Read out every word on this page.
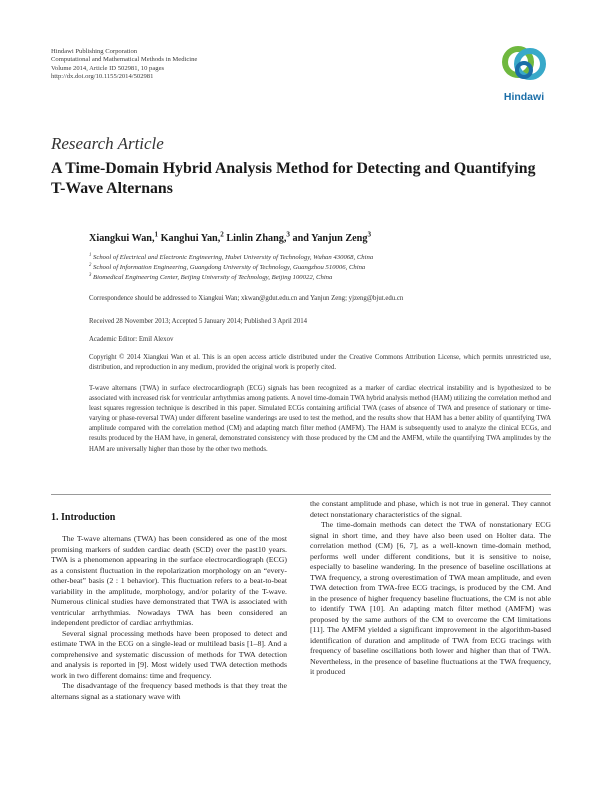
Hindawi Publishing Corporation
Computational and Mathematical Methods in Medicine
Volume 2014, Article ID 502981, 10 pages
http://dx.doi.org/10.1155/2014/502981
Hindawi
Research Article
A Time-Domain Hybrid Analysis Method for Detecting and Quantifying T-Wave Alternans
Xiangkui Wan,$^1$ Kanghui Yan,$^2$ Linlin Zhang,$^3$ and Yanjun Zeng$^3$
$^1$ School of Electrical and Electronic Engineering, Hubei University of Technology, Wuhan 430068, China
$^2$ School of Information Engineering, Guangdong University of Technology, Guangzhou 510006, China
$^3$ Biomedical Engineering Center, Beijing University of Technology, Beijing 100022, China
Correspondence should be addressed to Xiangkui Wan; xkwan@gdut.edu.cn and Yanjun Zeng; yjzeng@bjut.edu.cn
Received 28 November 2013; Accepted 5 January 2014; Published 3 April 2014
Academic Editor: Emil Alexov
Copyright © 2014 Xiangkui Wan et al. This is an open access article distributed under the Creative Commons Attribution License, which permits unrestricted use, distribution, and reproduction in any medium, provided the original work is properly cited.
T-wave alternans (TWA) in surface electrocardiograph (ECG) signals has been recognized as a marker of cardiac electrical instability and is hypothesized to be associated with increased risk for ventricular arrhythmias among patients. A novel time-domain TWA hybrid analysis method (HAM) utilizing the correlation method and least squares regression technique is described in this paper. Simulated ECGs containing artificial TWA (cases of absence of TWA and presence of stationary or time-varying or phase-reversal TWA) under different baseline wanderings are used to test the method, and the results show that HAM has a better ability of quantifying TWA amplitude compared with the correlation method (CM) and adapting match filter method (AMFM). The HAM is subsequently used to analyze the clinical ECGs, and results produced by the HAM have, in general, demonstrated consistency with those produced by the CM and the AMFM, while the quantifying TWA amplitudes by the HAM are universally higher than those by the other two methods.
1. Introduction

The T-wave alternans (TWA) has been considered as one of the most promising markers of sudden cardiac death (SCD) over the past10 years. TWA is a phenomenon appearing in the surface electrocardiograph (ECG) as a consistent fluctuation in the repolarization morphology on an “every-other-beat” basis (2 : 1 behavior). This fluctuation refers to a beat-to-beat variability in the amplitude, morphology, and/or polarity of the T-wave. Numerous clinical studies have demonstrated that TWA is associated with ventricular arrhythmias. Nowadays TWA has been considered an independent predictor of cardiac arrhythmias.

Several signal processing methods have been proposed to detect and estimate TWA in the ECG on a single-lead or multilead basis [1–8]. And a comprehensive and systematic discussion of methods for TWA detection and analysis is reported in [9]. Most widely used TWA detection methods work in two different domains: time and frequency.

The disadvantage of the frequency based methods is that they treat the alternans signal as a stationary wave with

the constant amplitude and phase, which is not true in general. They cannot detect nonstationary characteristics of the signal.

The time-domain methods can detect the TWA of nonstationary ECG signal in short time, and they have also been used on Holter data. The correlation method (CM) [6, 7], as a well-known time-domain method, performs well under different conditions, but it is sensitive to noise, especially to baseline wandering. In the presence of baseline oscillations at TWA frequency, a strong overestimation of TWA mean amplitude, and even TWA detection from TWA-free ECG tracings, is produced by the CM. And in the presence of higher frequency baseline fluctuations, the CM is not able to identify TWA [10]. An adapting match filter method (AMFM) was proposed by the same authors of the CM to overcome the CM limitations [11]. The AMFM yielded a significant improvement in the algorithm-based identification of duration and amplitude of TWA from ECG tracings with frequency of baseline oscillations both lower and higher than that of TWA. Nevertheless, in the presence of baseline fluctuations at the TWA frequency, it produced
